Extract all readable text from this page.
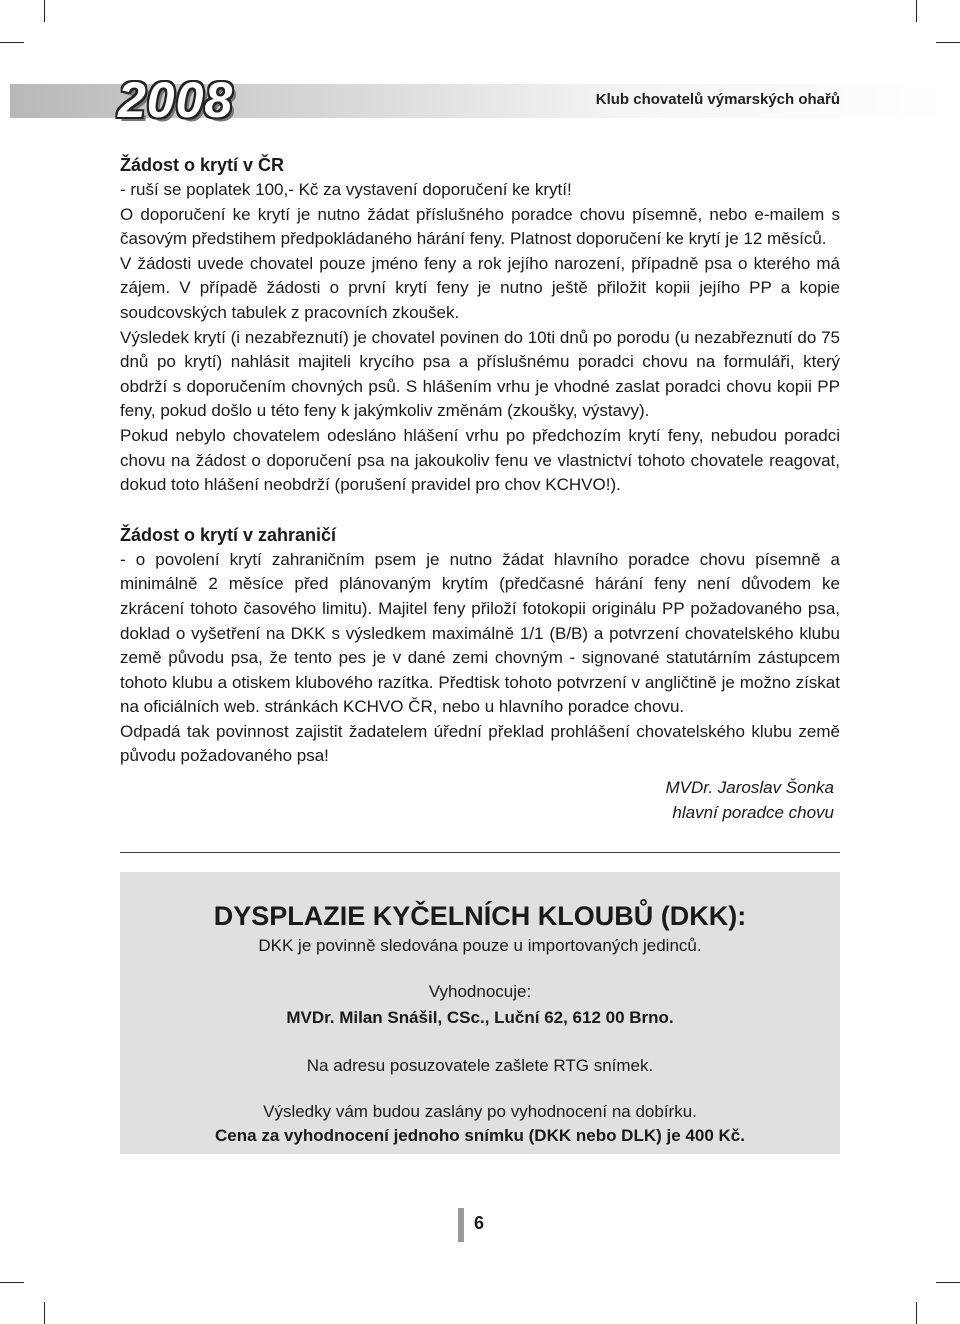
2008	Klub chovatelů výmarských ohařů
Žádost o krytí v ČR

- ruší se poplatek 100,- Kč za vystavení doporučení ke krytí!

O doporučení ke krytí je nutno žádat příslušného poradce chovu písemně, nebo e-mailem s časovým předstihem předpokládaného hárání feny. Platnost doporučení ke krytí je 12 měsíců.

V žádosti uvede chovatel pouze jméno feny a rok jejího narození, případně psa o kterého má zájem. V případě žádosti o první krytí feny je nutno ještě přiložit kopii jejího PP a kopie soudcovských tabulek z pracovních zkoušek.

Výsledek krytí (i nezabřeznutí) je chovatel povinen do 10ti dnů po porodu (u nezabřeznutí do 75 dnů po krytí) nahlásit majiteli krycího psa a příslušnému poradci chovu na formuláři, který obdrží s doporučením chovných psů. S hlášením vrhu je vhodné zaslat poradci chovu kopii PP feny, pokud došlo u této feny k jakýmkoliv změnám (zkoušky, výstavy).

Pokud nebylo chovatelem odesláno hlášení vrhu po předchozím krytí feny, nebudou poradci chovu na žádost o doporučení psa na jakoukoliv fenu ve vlastnictví tohoto chovatele reagovat, dokud toto hlášení neobdrží (porušení pravidel pro chov KCHVO!).

Žádost o krytí v zahraničí

- o povolení krytí zahraničním psem je nutno žádat hlavního poradce chovu písemně a minimálně 2 měsíce před plánovaným krytím (předčasné hárání feny není důvodem ke zkrácení tohoto časového limitu). Majitel feny přiloží fotokopii originálu PP požadovaného psa, doklad o vyšetření na DKK s výsledkem maximálně 1/1 (B/B) a potvrzení chovatelského klubu země původu psa, že tento pes je v dané zemi chovným - signované statutárním zástupcem tohoto klubu a otiskem klubového razítka. Předtisk tohoto potvrzení v angličtině je možno získat na oficiálních web. stránkách KCHVO ČR, nebo u hlavního poradce chovu.

Odpadá tak povinnost zajistit žadatelem úřední překlad prohlášení chovatelského klubu země původu požadovaného psa!

MVDr. Jaroslav Šonka
hlavní poradce chovu
DYSPLAZIE KYČELNÍCH KLOUBŮ (DKK):
DKK je povinně sledována pouze u importovaných jedinců.
Vyhodnocuje:
MVDr. Milan Snášil, CSc., Luční 62, 612 00 Brno.
Na adresu posuzovatele zašlete RTG snímek.
Výsledky vám budou zaslány po vyhodnocení na dobírku.
Cena za vyhodnocení jednoho snímku (DKK nebo DLK) je 400 Kč.
6
